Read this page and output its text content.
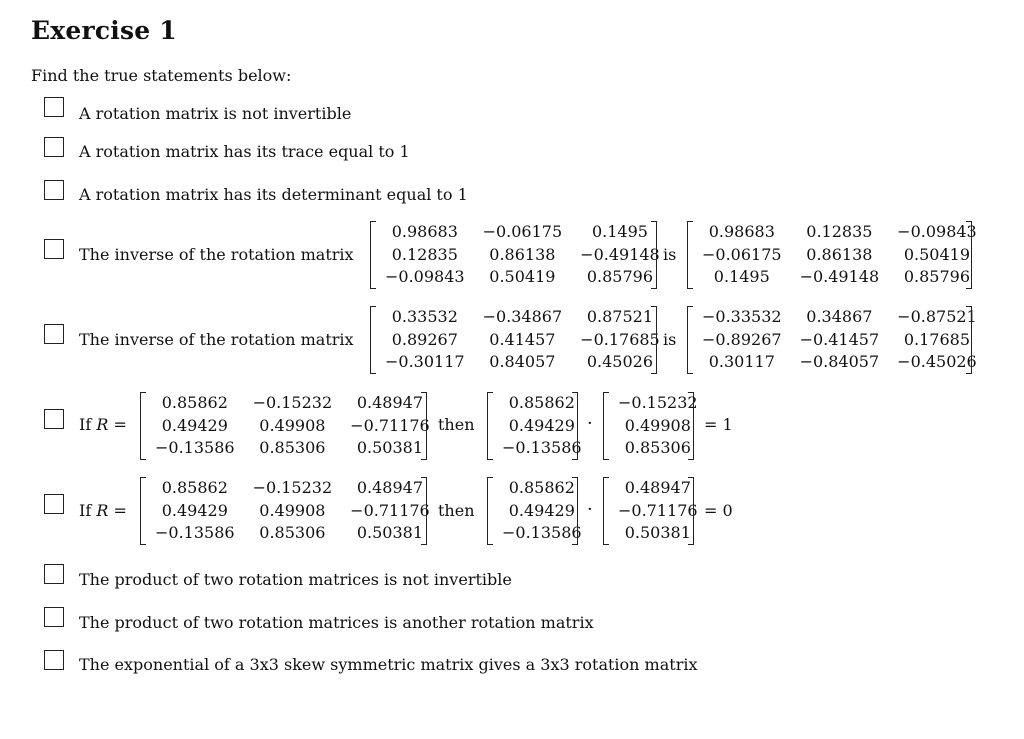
Exercise 1
Find the true statements below:
A rotation matrix is not invertible
A rotation matrix has its trace equal to 1
A rotation matrix has its determinant equal to 1
The inverse of the rotation matrix
0.98683	−0.06175	0.1495
0.12835	0.86138	−0.49148
−0.09843	0.50419	0.85796
is
0.98683	0.12835	−0.09843
−0.06175	0.86138	0.50419
0.1495	−0.49148	0.85796
The inverse of the rotation matrix
0.33532	−0.34867	0.87521
0.89267	0.41457	−0.17685
−0.30117	0.84057	0.45026
is
−0.33532	0.34867	−0.87521
−0.89267	−0.41457	0.17685
0.30117	−0.84057	−0.45026
If R =
0.85862	−0.15232	0.48947
0.49429	0.49908	−0.71176
−0.13586	0.85306	0.50381
then
0.85862
0.49429
−0.13586
·
−0.15232
0.49908
0.85306
= 1
If R =
0.85862	−0.15232	0.48947
0.49429	0.49908	−0.71176
−0.13586	0.85306	0.50381
then
0.85862
0.49429
−0.13586
·
0.48947
−0.71176
0.50381
= 0
The product of two rotation matrices is not invertible
The product of two rotation matrices is another rotation matrix
The exponential of a 3x3 skew symmetric matrix gives a 3x3 rotation matrix
